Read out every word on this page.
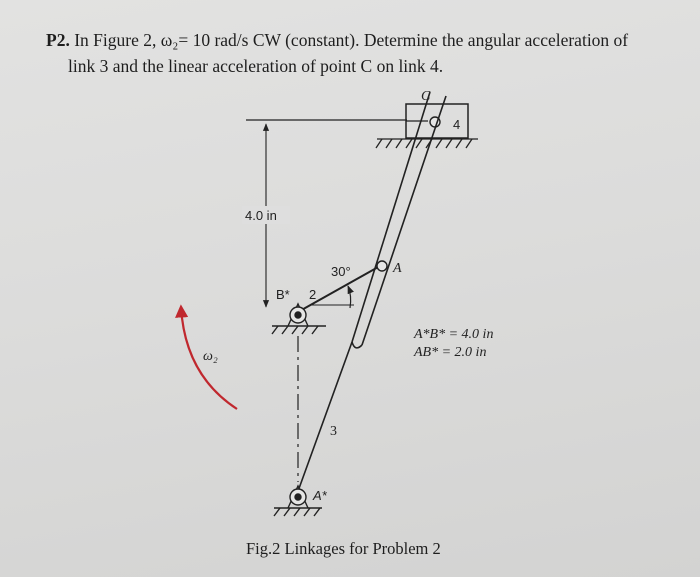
P2. In Figure 2, ω₂= 10 rad/s CW (constant). Determine the angular acceleration of
link 3 and the linear acceleration of point C on link 4.
4.0 in
30°
C
A
B* 2
3
4
A*
ω₂
A*B* = 4.0 in
AB* = 2.0 in
Fig.2 Linkages for Problem 2
